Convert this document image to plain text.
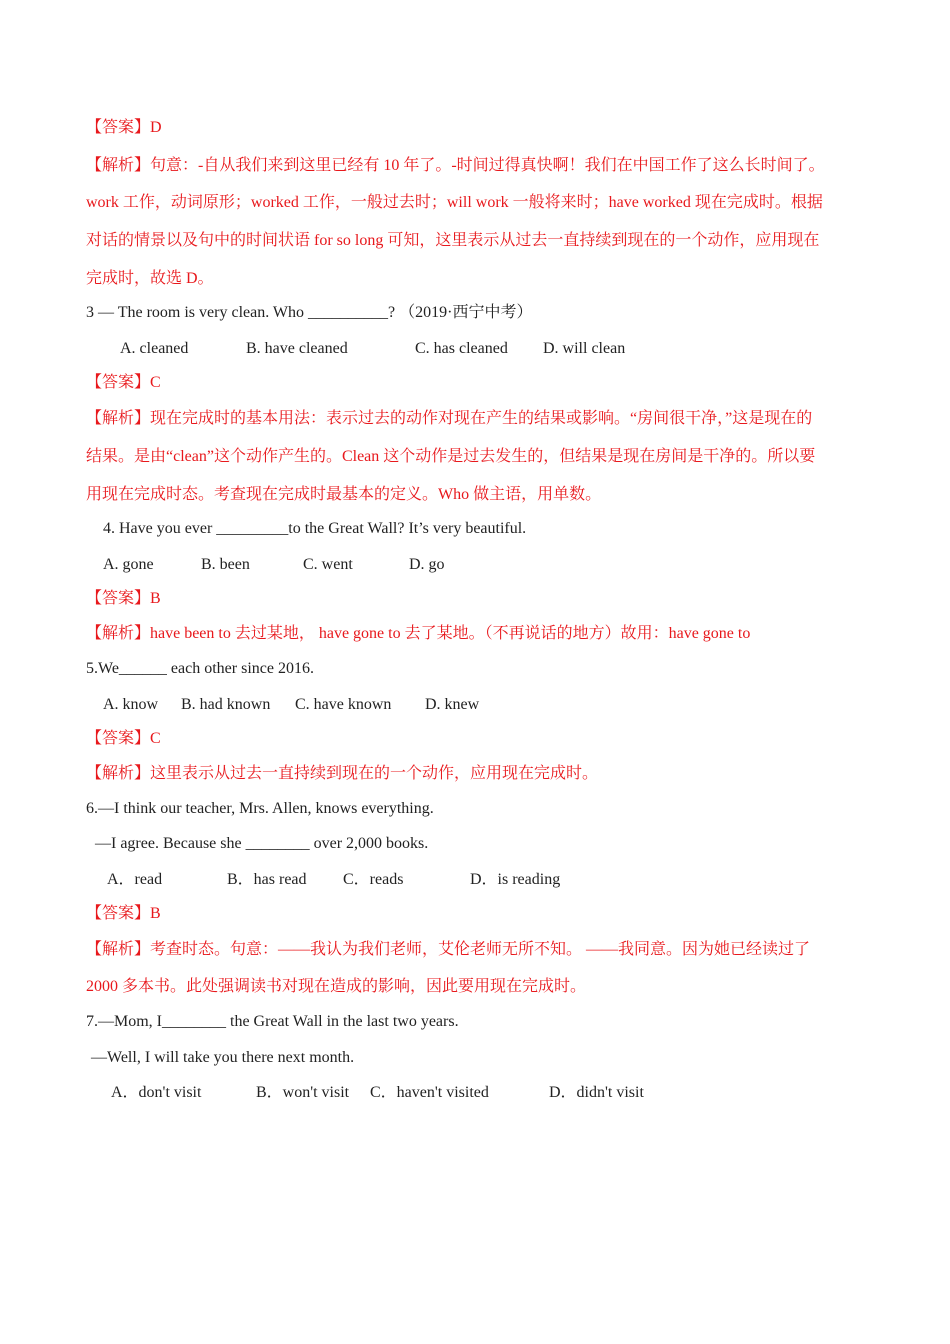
【答案】D
【解析】句意：-自从我们来到这里已经有 10 年了。-时间过得真快啊！我们在中国工作了这么长时间了。
work 工作，动词原形；worked 工作，一般过去时；will work 一般将来时；have worked 现在完成时。根据
对话的情景以及句中的时间状语 for so long 可知，这里表示从过去一直持续到现在的一个动作，应用现在
完成时，故选 D。
3 — The room is very clean. Who __________? （2019·西宁中考）
A. cleaned	B. have cleaned	C. has cleaned D. will clean
【答案】C
【解析】现在完成时的基本用法：表示过去的动作对现在产生的结果或影响。“房间很干净，”这是现在的
结果。是由“clean”这个动作产生的。Clean 这个动作是过去发生的，但结果是现在房间是干净的。所以要
用现在完成时态。考查现在完成时最基本的定义。Who 做主语，用单数。
4. Have you ever _________to the Great Wall? It’s very beautiful.
A. gone	B. been	C. went	D. go
【答案】B
【解析】have been to 去过某地， have gone to 去了某地。（不再说话的地方）故用：have gone to
5.We______ each other since 2016.
A. know B. had known C. have known D. knew
【答案】C
【解析】这里表示从过去一直持续到现在的一个动作，应用现在完成时。
6.—I think our teacher, Mrs. Allen, knows everything.
—I agree. Because she ________ over 2,000 books.
A．read	B．has read C．reads	D．is reading
【答案】B
【解析】考查时态。句意：——我认为我们老师，艾伦老师无所不知。 ——我同意。因为她已经读过了
2000 多本书。此处强调读书对现在造成的影响，因此要用现在完成时。
7.—Mom, I________ the Great Wall in the last two years.
—Well, I will take you there next month.
A．don't visit	B．won't visit C．haven't visited	D．didn't visit
